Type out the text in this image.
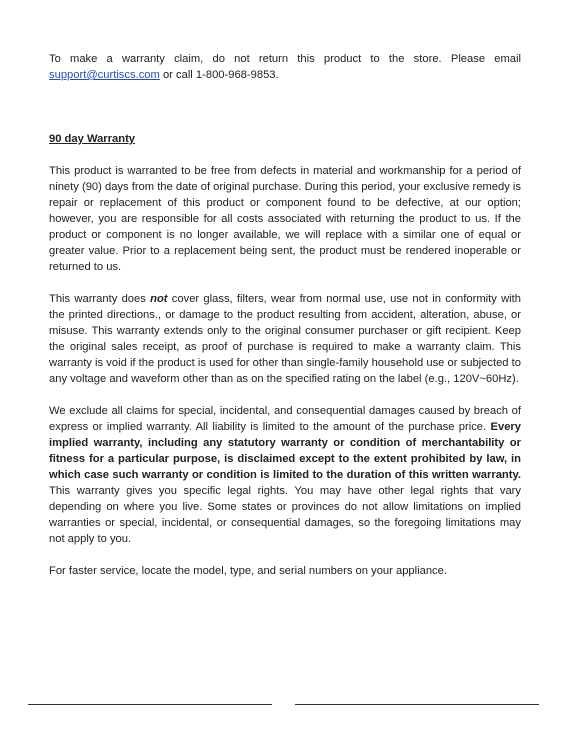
To make a warranty claim, do not return this product to the store. Please email support@curtiscs.com or call 1-800-968-9853.

90 day Warranty

This product is warranted to be free from defects in material and workmanship for a period of ninety (90) days from the date of original purchase. During this period, your exclusive remedy is repair or replacement of this product or component found to be defective, at our option; however, you are responsible for all costs associated with returning the product to us. If the product or component is no longer available, we will replace with a similar one of equal or greater value. Prior to a replacement being sent, the product must be rendered inoperable or returned to us.

This warranty does not cover glass, filters, wear from normal use, use not in conformity with the printed directions., or damage to the product resulting from accident, alteration, abuse, or misuse. This warranty extends only to the original consumer purchaser or gift recipient. Keep the original sales receipt, as proof of purchase is required to make a warranty claim. This warranty is void if the product is used for other than single-family household use or subjected to any voltage and waveform other than as on the specified rating on the label (e.g., 120V~60Hz).

We exclude all claims for special, incidental, and consequential damages caused by breach of express or implied warranty. All liability is limited to the amount of the purchase price. Every implied warranty, including any statutory warranty or condition of merchantability or fitness for a particular purpose, is disclaimed except to the extent prohibited by law, in which case such warranty or condition is limited to the duration of this written warranty. This warranty gives you specific legal rights. You may have other legal rights that vary depending on where you live. Some states or provinces do not allow limitations on implied warranties or special, incidental, or consequential damages, so the foregoing limitations may not apply to you.

For faster service, locate the model, type, and serial numbers on your appliance.
